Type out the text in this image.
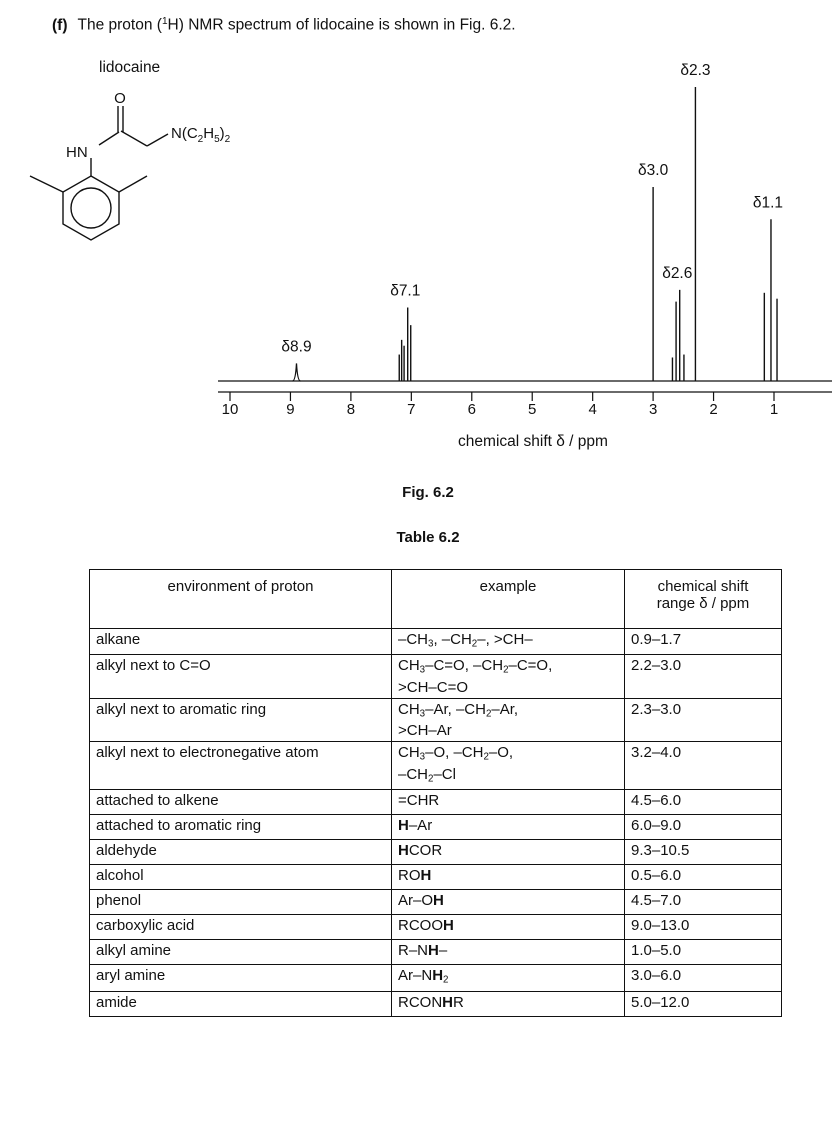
(f) The proton ($^1$H) NMR spectrum of lidocaine is shown in Fig. 6.2.
lidocaine
O
HN
$N(C_2H_5)_2$
10	9	8	7	6	5	4	3	2	1
chemical shift δ / ppm
δ8.9
δ7.1
δ3.0
δ2.6
δ2.3
δ1.1
Fig. 6.2
Table 6.2
environment of proton	example	chemical shift
range δ / ppm
alkane	$-CH_3$, $-CH_2-$, >CH–	0.9–1.7
alkyl next to C=O	$CH_3-C=O$, $-CH_2-C=O$,
>CH–C=O	2.2–3.0
alkyl next to aromatic ring	$CH_3-Ar$, $-CH_2-Ar$,
>CH–Ar	2.3–3.0
alkyl next to electronegative atom	$CH_3-O$, $-CH_2-O$,
$-CH_2-Cl$	3.2–4.0
attached to alkene	=CHR	4.5–6.0
attached to aromatic ring	H–Ar	6.0–9.0
aldehyde	HCOR	9.3–10.5
alcohol	ROH	0.5–6.0
phenol	Ar–OH	4.5–7.0
carboxylic acid	RCOOH	9.0–13.0
alkyl amine	R–NH–	1.0–5.0
aryl amine	$Ar-NH_2$	3.0–6.0
amide	RCONHR	5.0–12.0
